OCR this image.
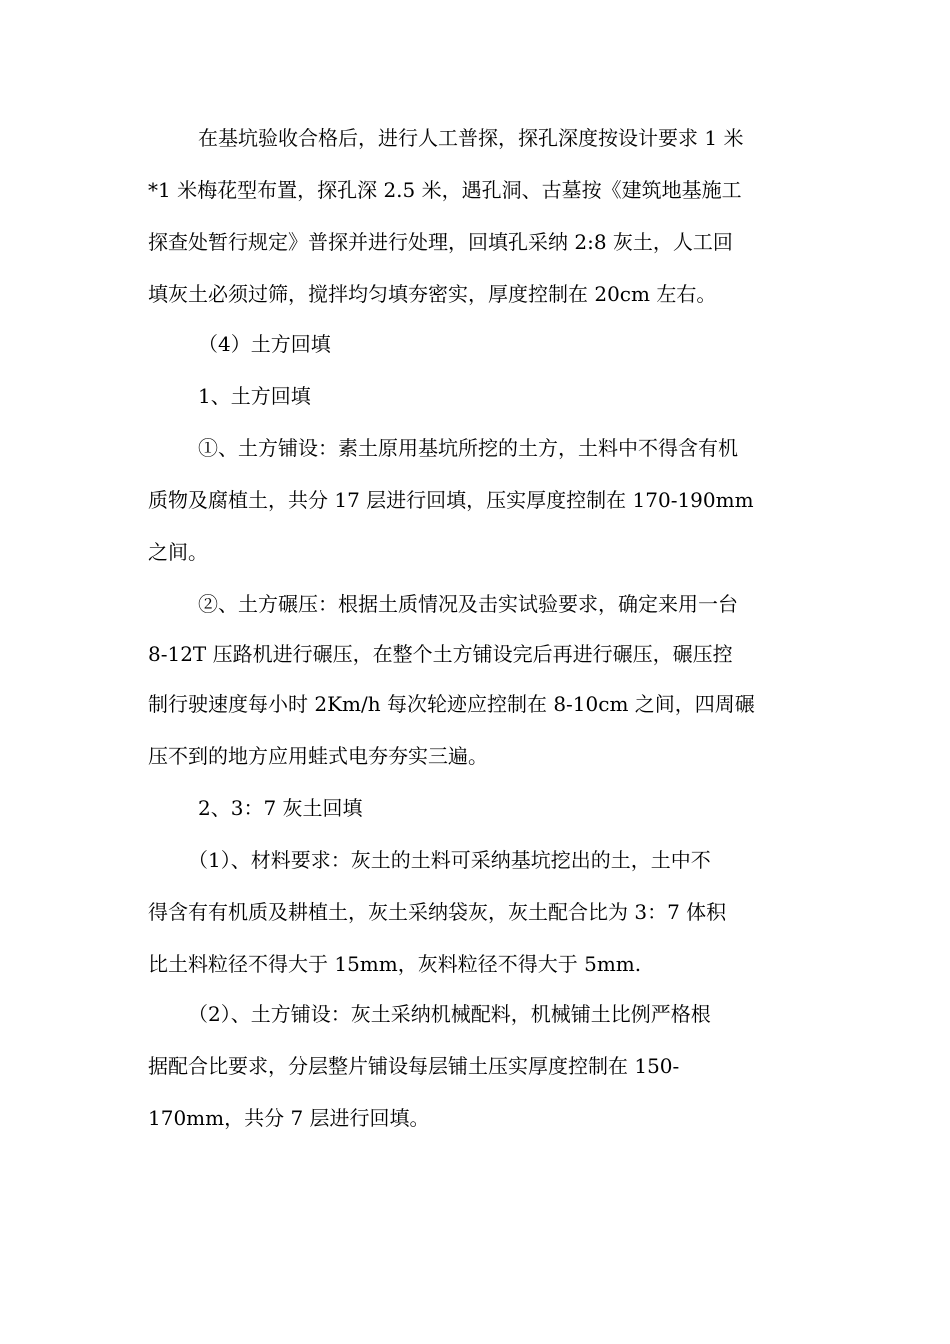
在基坑验收合格后，进行人工普探，探孔深度按设计要求 1 米
*1 米梅花型布置，探孔深 2.5 米，遇孔洞、古墓按《建筑地基施工
探查处暂行规定》普探并进行处理，回填孔采纳 2:8 灰土，人工回
填灰土必须过筛，搅拌均匀填夯密实，厚度控制在 20cm 左右。
（4）土方回填
1、土方回填
①、土方铺设：素土原用基坑所挖的土方，土料中不得含有机
质物及腐植土，共分 17 层进行回填，压实厚度控制在 170-190mm
之间。
②、土方碾压：根据土质情况及击实试验要求，确定来用一台
8-12T 压路机进行碾压，在整个土方铺设完后再进行碾压，碾压控
制行驶速度每小时 2Km/h 每次轮迹应控制在 8-10cm 之间，四周碾
压不到的地方应用蛙式电夯夯实三遍。
2、3：7 灰土回填
（1）、材料要求：灰土的土料可采纳基坑挖出的土，土中不
得含有有机质及耕植土，灰土采纳袋灰，灰土配合比为 3：7 体积
比土料粒径不得大于 15mm，灰料粒径不得大于 5mm.
（2）、土方铺设：灰土采纳机械配料，机械铺土比例严格根
据配合比要求，分层整片铺设每层铺土压实厚度控制在 150-
170mm，共分 7 层进行回填。
